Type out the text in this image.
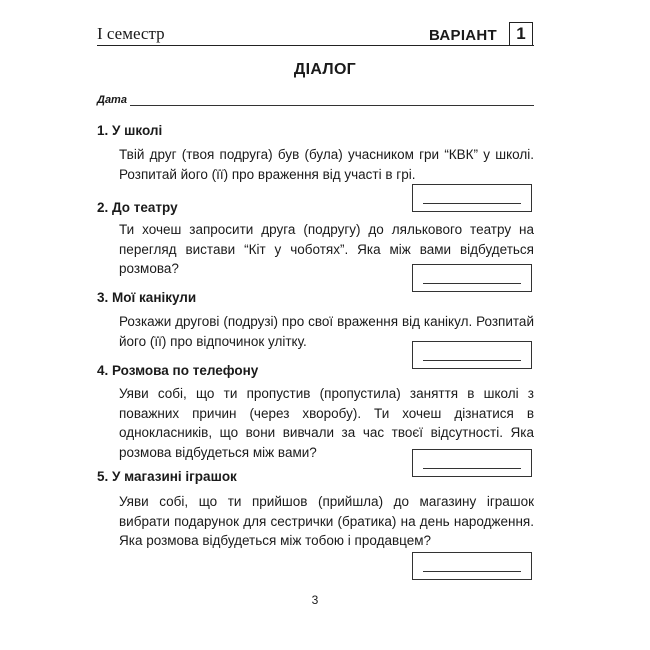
I семестр	ВАРІАНТ	1
ДІАЛОГ
Дата
1. У школі
Твій друг (твоя подруга) був (була) учасником гри “КВК” у школі. Розпитай його (її) про враження від участі в грі.
2. До театру
Ти хочеш запросити друга (подругу) до лялькового театру на перегляд вистави “Кіт у чоботях”. Яка між вами відбудеться розмова?
3. Мої канікули
Розкажи другові (подрузі) про свої враження від канікул. Розпитай його (її) про відпочинок улітку.
4. Розмова по телефону
Уяви собі, що ти пропустив (пропустила) заняття в школі з поважних причин (через хворобу). Ти хочеш дізнатися в однокласників, що вони вивчали за час твоєї відсутності. Яка розмова відбудеться між вами?
5. У магазині іграшок
Уяви собі, що ти прийшов (прийшла) до магазину іграшок вибрати подарунок для сестрички (братика) на день народження. Яка розмова відбудеться між тобою і продавцем?
3
